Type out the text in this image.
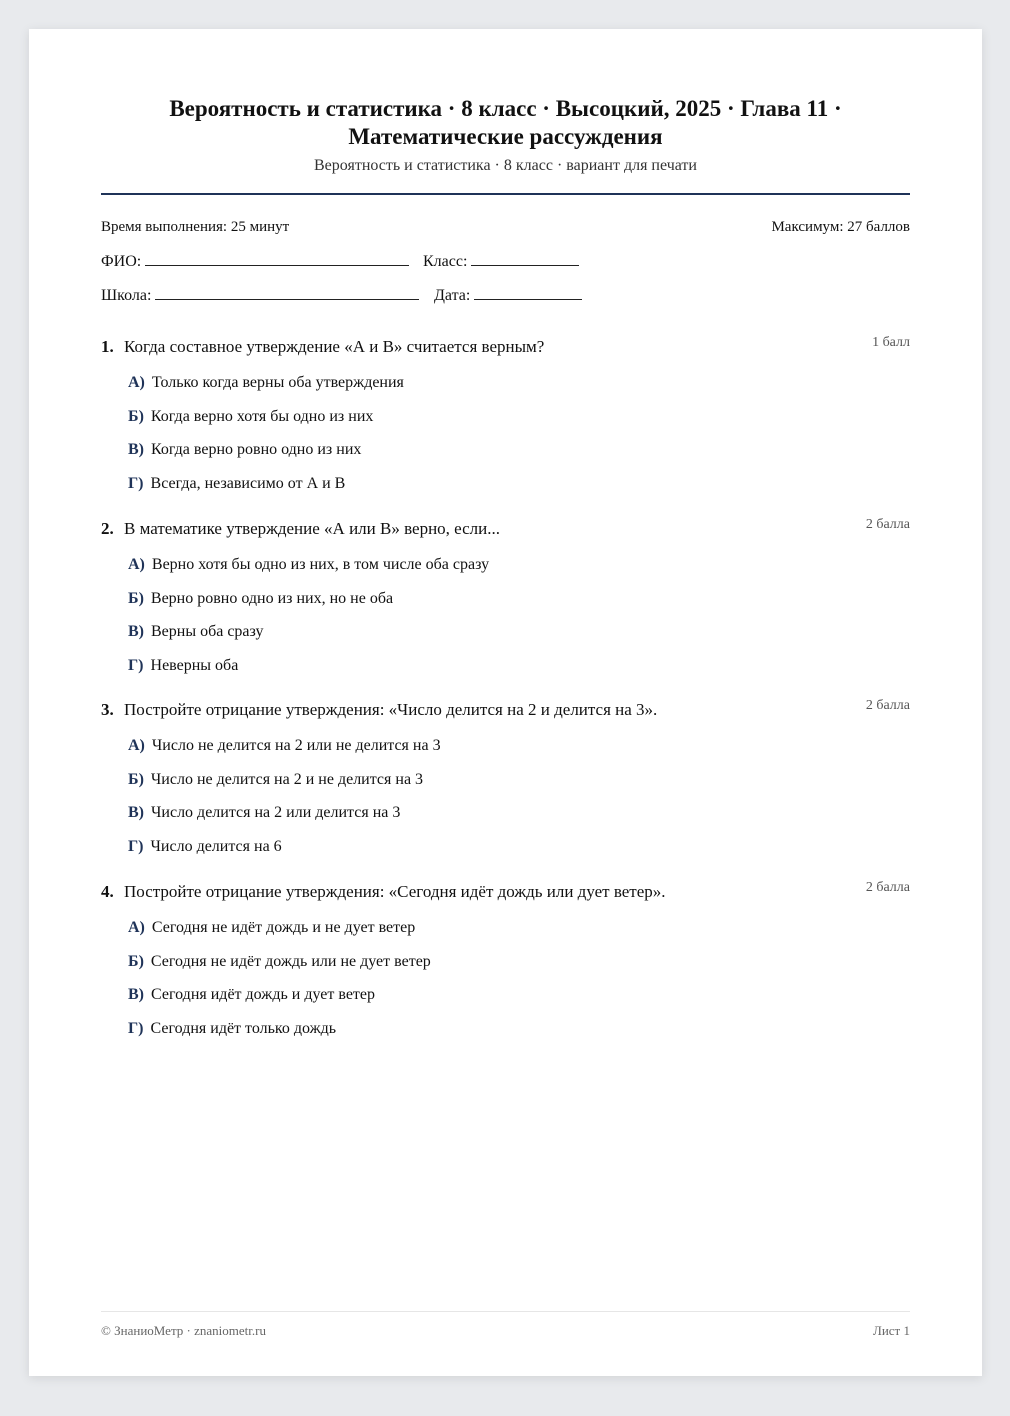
Вероятность и статистика · 8 класс · Высоцкий, 2025 · Глава 11 · Математические рассуждения
Вероятность и статистика · 8 класс · вариант для печати
Время выполнения: 25 минут	Максимум: 27 баллов
ФИО:	Класс:
Школа:	Дата:
1. Когда составное утверждение «А и В» считается верным?	1 балл
А) Только когда верны оба утверждения
Б) Когда верно хотя бы одно из них
В) Когда верно ровно одно из них
Г) Всегда, независимо от А и В
2. В математике утверждение «А или В» верно, если...	2 балла
А) Верно хотя бы одно из них, в том числе оба сразу
Б) Верно ровно одно из них, но не оба
В) Верны оба сразу
Г) Неверны оба
3. Постройте отрицание утверждения: «Число делится на 2 и делится на 3».	2 балла
А) Число не делится на 2 или не делится на 3
Б) Число не делится на 2 и не делится на 3
В) Число делится на 2 или делится на 3
Г) Число делится на 6
4. Постройте отрицание утверждения: «Сегодня идёт дождь или дует ветер».	2 балла
А) Сегодня не идёт дождь и не дует ветер
Б) Сегодня не идёт дождь или не дует ветер
В) Сегодня идёт дождь и дует ветер
Г) Сегодня идёт только дождь
© ЗнаниоМетр · znaniometr.ru	Лист 1
